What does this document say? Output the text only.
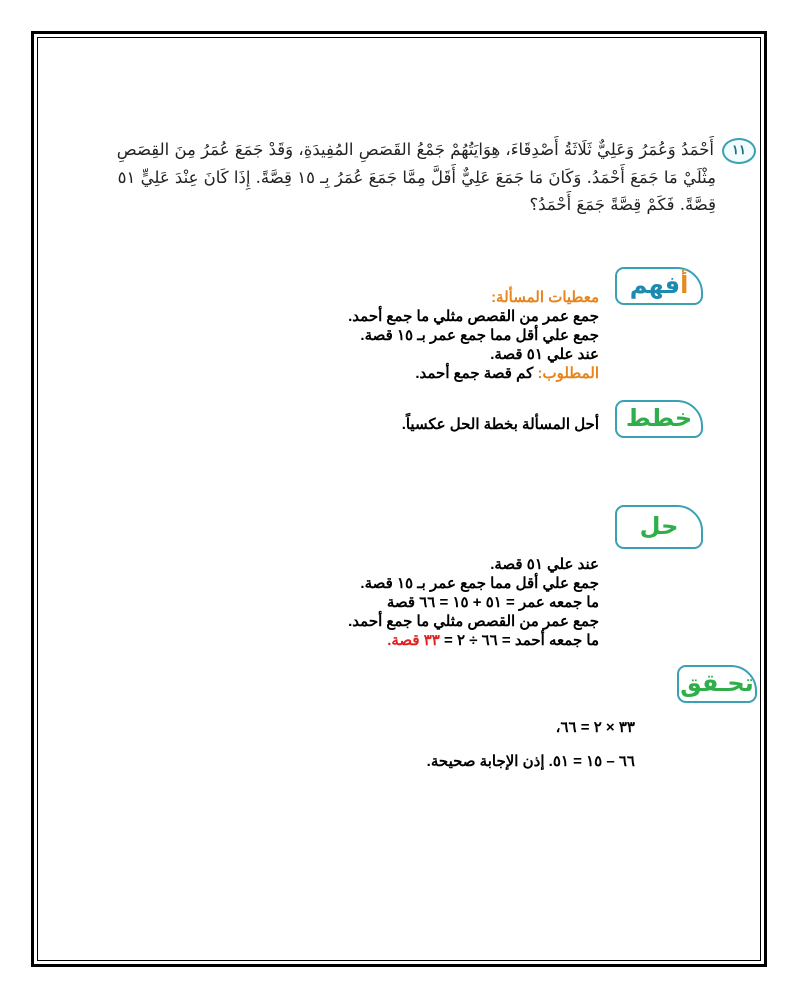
١١أَحْمَدُ وَعُمَرُ وَعَلِيٌّ ثَلَاثَةُ أَصْدِقَاءَ، هِوَايَتُهُمْ جَمْعُ القَصَصِ المُفِيدَةِ، وَقَدْ جَمَعَ عُمَرُ مِنَ القِصَصِ
مِثْلَيْ مَا جَمَعَ أَحْمَدُ. وَكَانَ مَا جَمَعَ عَلِيٌّ أَقَلَّ مِمَّا جَمَعَ عُمَرُ بِـ ١٥ قِصَّةً. إِذَا كَانَ عِنْدَ عَلِيٍّ ٥١
قِصَّةً. فَكَمْ قِصَّةً جَمَعَ أَحْمَدُ؟
أفهم
معطيات المسألة:
جمع عمر من القصص مثلي ما جمع أحمد.
جمع علي أقل مما جمع عمر بـ ١٥ قصة.
عند علي ٥١ قصة.
المطلوب: كم قصة جمع أحمد.
خطط
أحل المسألة بخطة الحل عكسياً.
حل
عند علي ٥١ قصة.
جمع علي أقل مما جمع عمر بـ ١٥ قصة.
ما جمعه عمر = ٥١ + ١٥ = ٦٦ قصة
جمع عمر من القصص مثلي ما جمع أحمد.
ما جمعه أحمد = ٦٦ ÷ ٢ = ٣٣ قصة.
تحـقق
٣٣ × ٢ = ٦٦،
٦٦ – ١٥ = ٥١. إذن الإجابة صحيحة.
